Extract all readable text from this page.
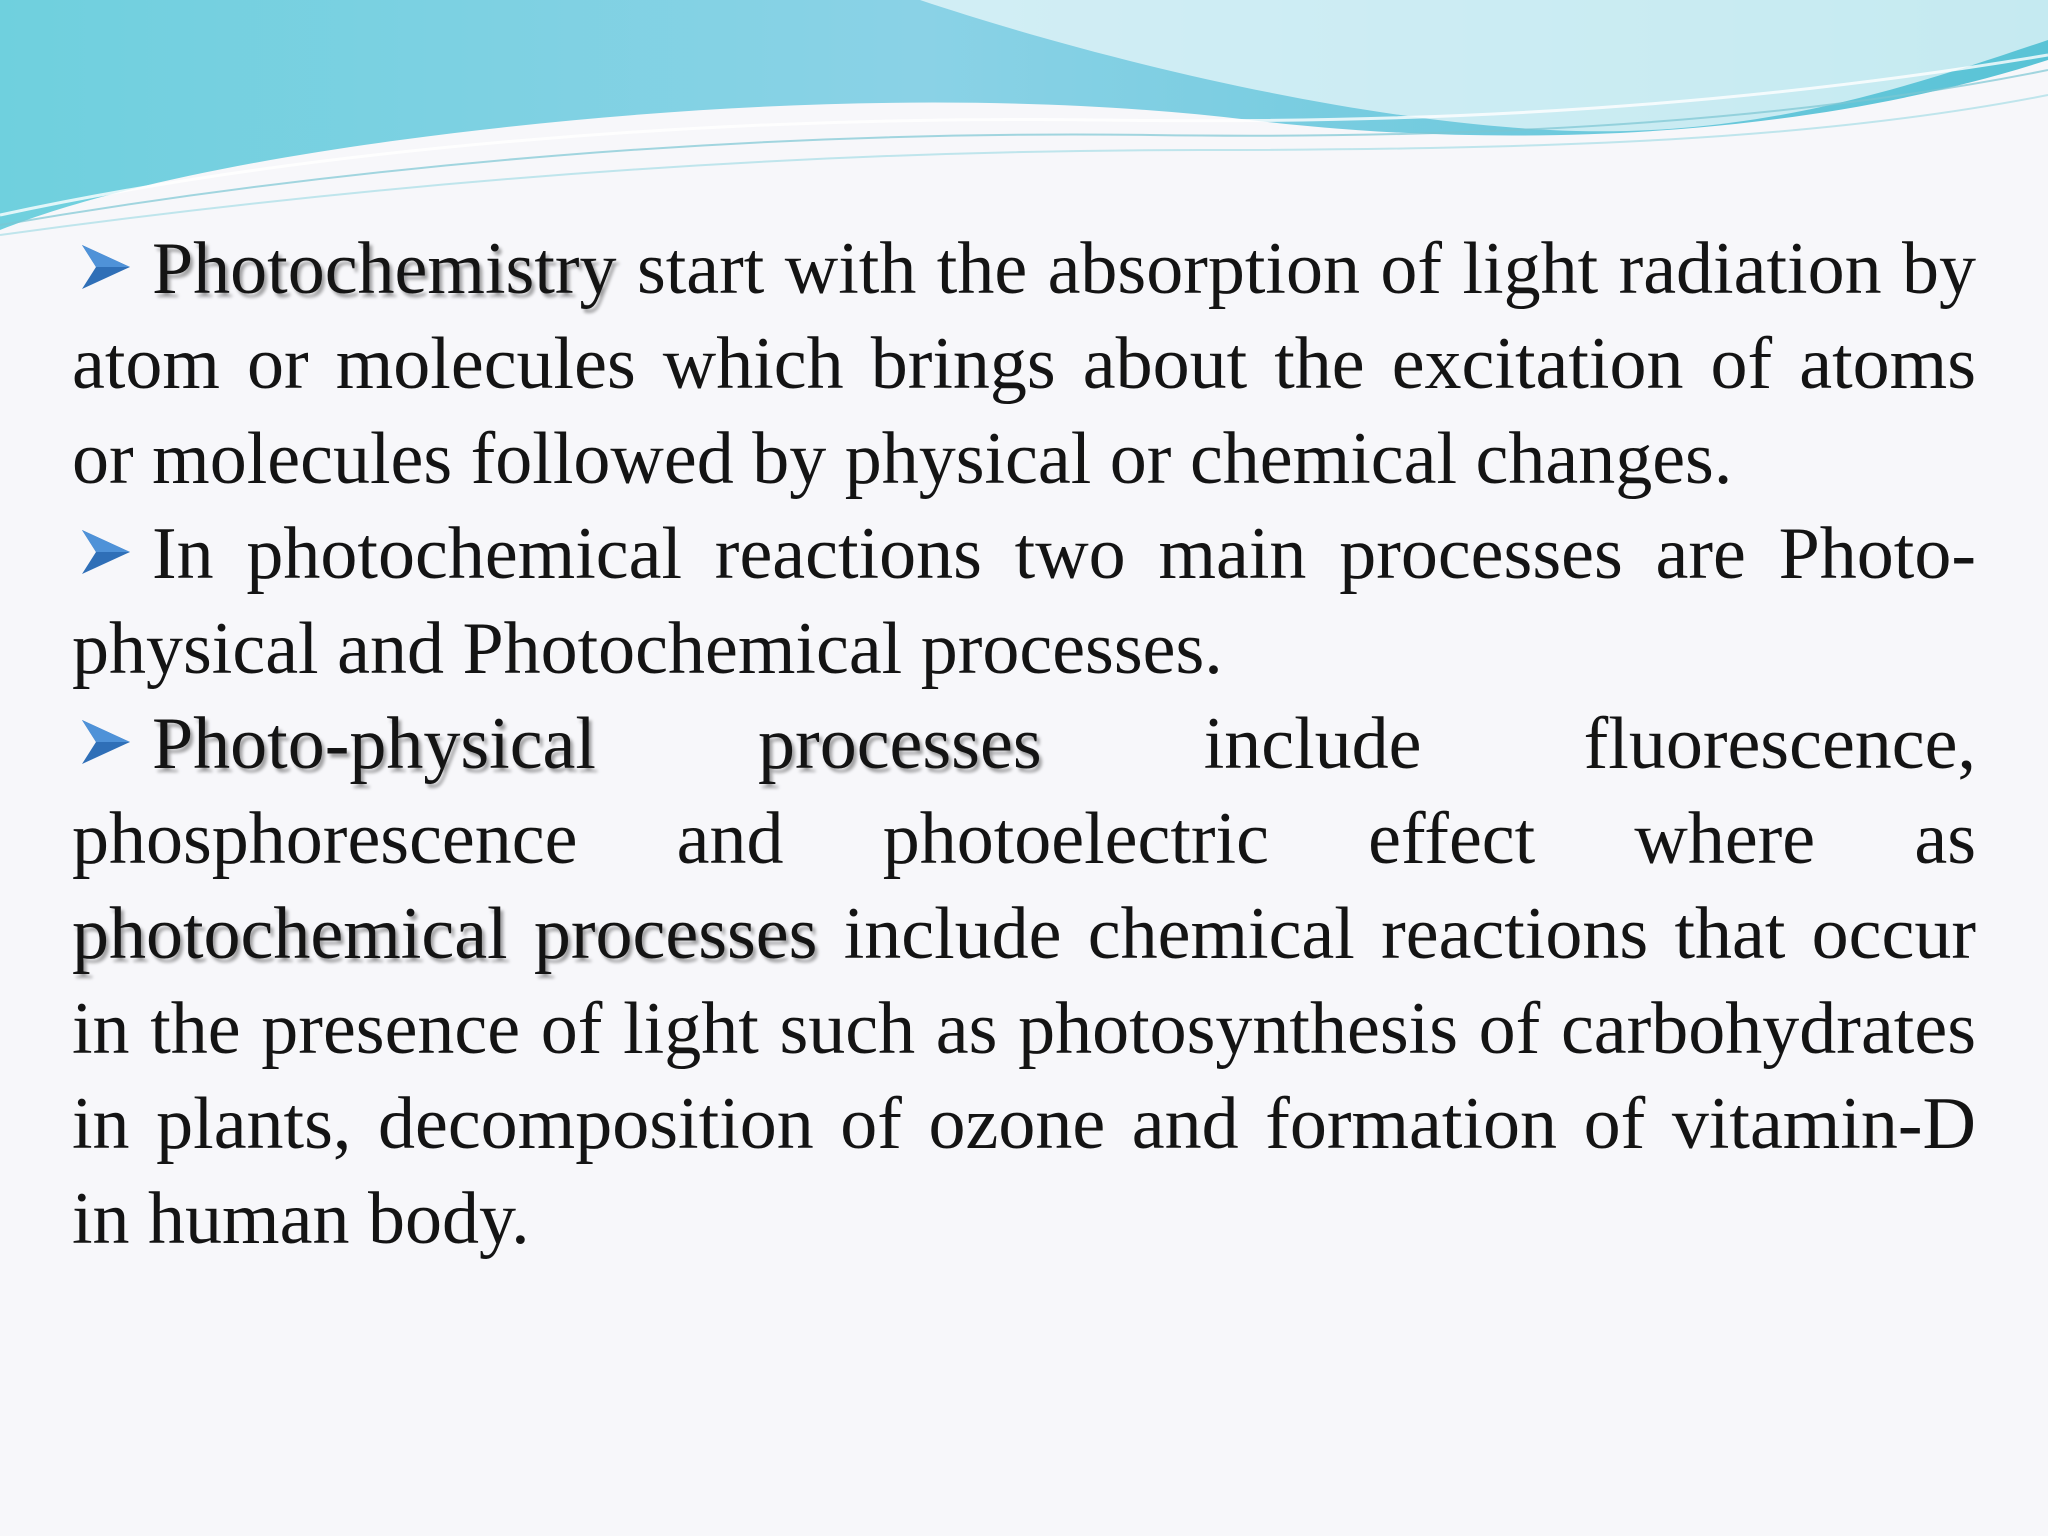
Photochemistry start with the absorption of light radiation by atom or molecules which brings about the excitation of atoms or molecules followed by physical or chemical changes.

In photochemical reactions two main processes are Photo-physical and Photochemical processes.

Photo-physical processes include fluorescence, phosphorescence and photoelectric effect where as photochemical processes include chemical reactions that occur in the presence of light such as photosynthesis of carbohydrates in plants, decomposition of ozone and formation of vitamin-D in human body.
